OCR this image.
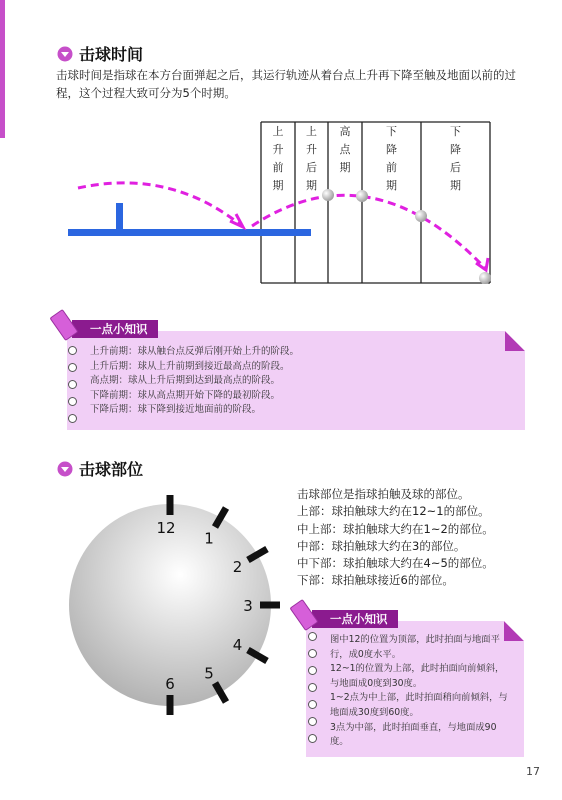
击球时间
击球时间是指球在本方台面弹起之后，其运行轨迹从着台点上升再下降至触及地面以前的过程，这个过程大致可分为5个时期。
上升前期
上升后期
高点期
下降前期
下降后期
一点小知识
上升前期：球从触台点反弹后刚开始上升的阶段。
上升后期：球从上升前期到接近最高点的阶段。
高点期：球从上升后期到达到最高点的阶段。
下降前期：球从高点期开始下降的最初阶段。
下降后期：球下降到接近地面前的阶段。
击球部位
12
1
2
3
4
5
6
击球部位是指球拍触及球的部位。
上部：球拍触球大约在12~1的部位。
中上部：球拍触球大约在1~2的部位。
中部：球拍触球大约在3的部位。
中下部：球拍触球大约在4~5的部位。
下部：球拍触球接近6的部位。
一点小知识
图中12的位置为顶部，此时拍面与地面平行，成0度水平。
12~1的位置为上部，此时拍面向前倾斜，与地面成0度到30度。
1~2点为中上部，此时拍面稍向前倾斜，与地面成30度到60度。
3点为中部，此时拍面垂直，与地面成90度。
17
